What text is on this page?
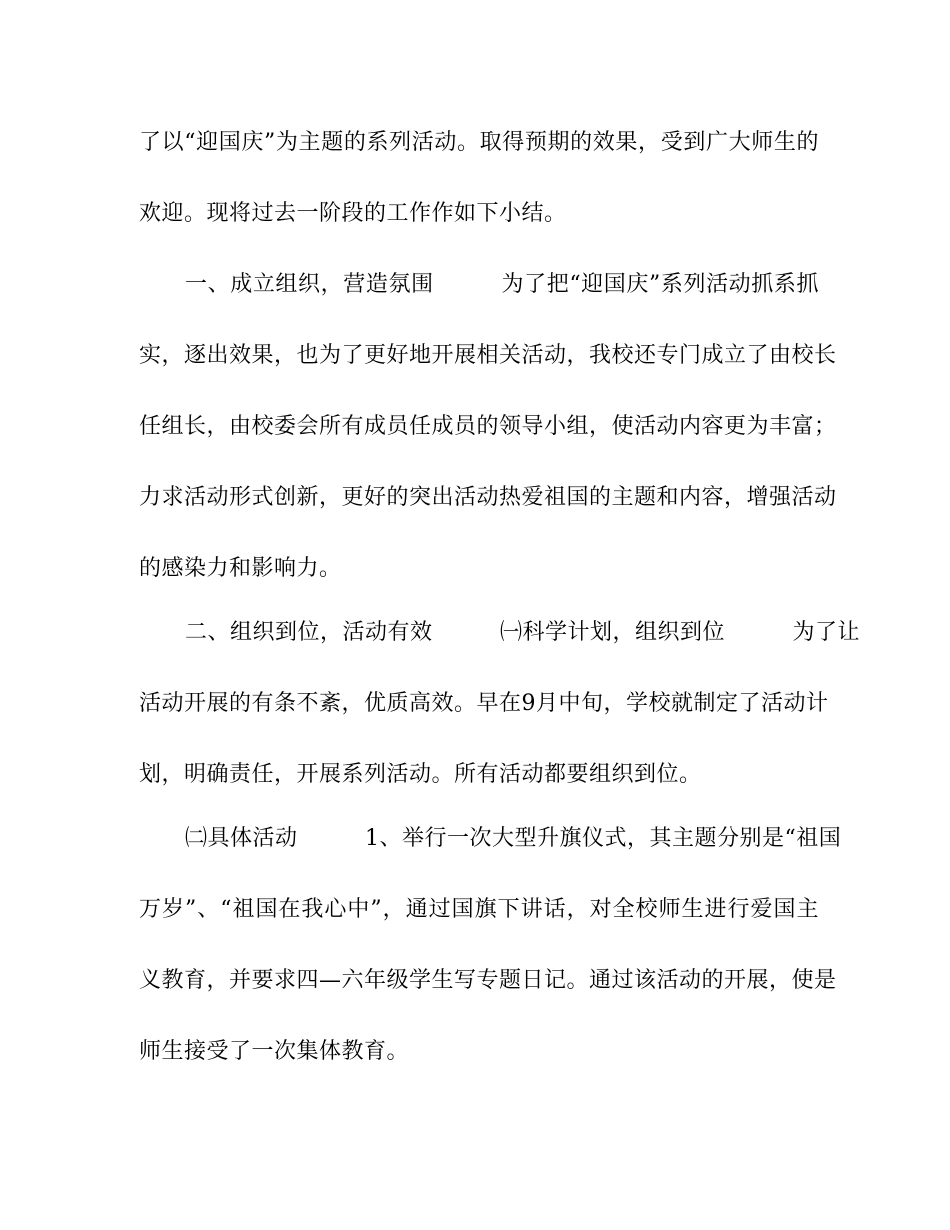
了以“迎国庆”为主题的系列活动。取得预期的效果，受到广大师生的
欢迎。现将过去一阶段的工作作如下小结。
一、成立组织，营造氛围　　　为了把“迎国庆”系列活动抓系抓
实，逐出效果，也为了更好地开展相关活动，我校还专门成立了由校长
任组长，由校委会所有成员任成员的领导小组，使活动内容更为丰富；
力求活动形式创新，更好的突出活动热爱祖国的主题和内容，增强活动
的感染力和影响力。
二、组织到位，活动有效　　　㈠科学计划，组织到位　　　为了让
活动开展的有条不紊，优质高效。早在9月中旬，学校就制定了活动计
划，明确责任，开展系列活动。所有活动都要组织到位。
㈡具体活动　　　1、举行一次大型升旗仪式，其主题分别是“祖国
万岁”、“祖国在我心中”，通过国旗下讲话，对全校师生进行爱国主
义教育，并要求四—六年级学生写专题日记。通过该活动的开展，使是
师生接受了一次集体教育。
